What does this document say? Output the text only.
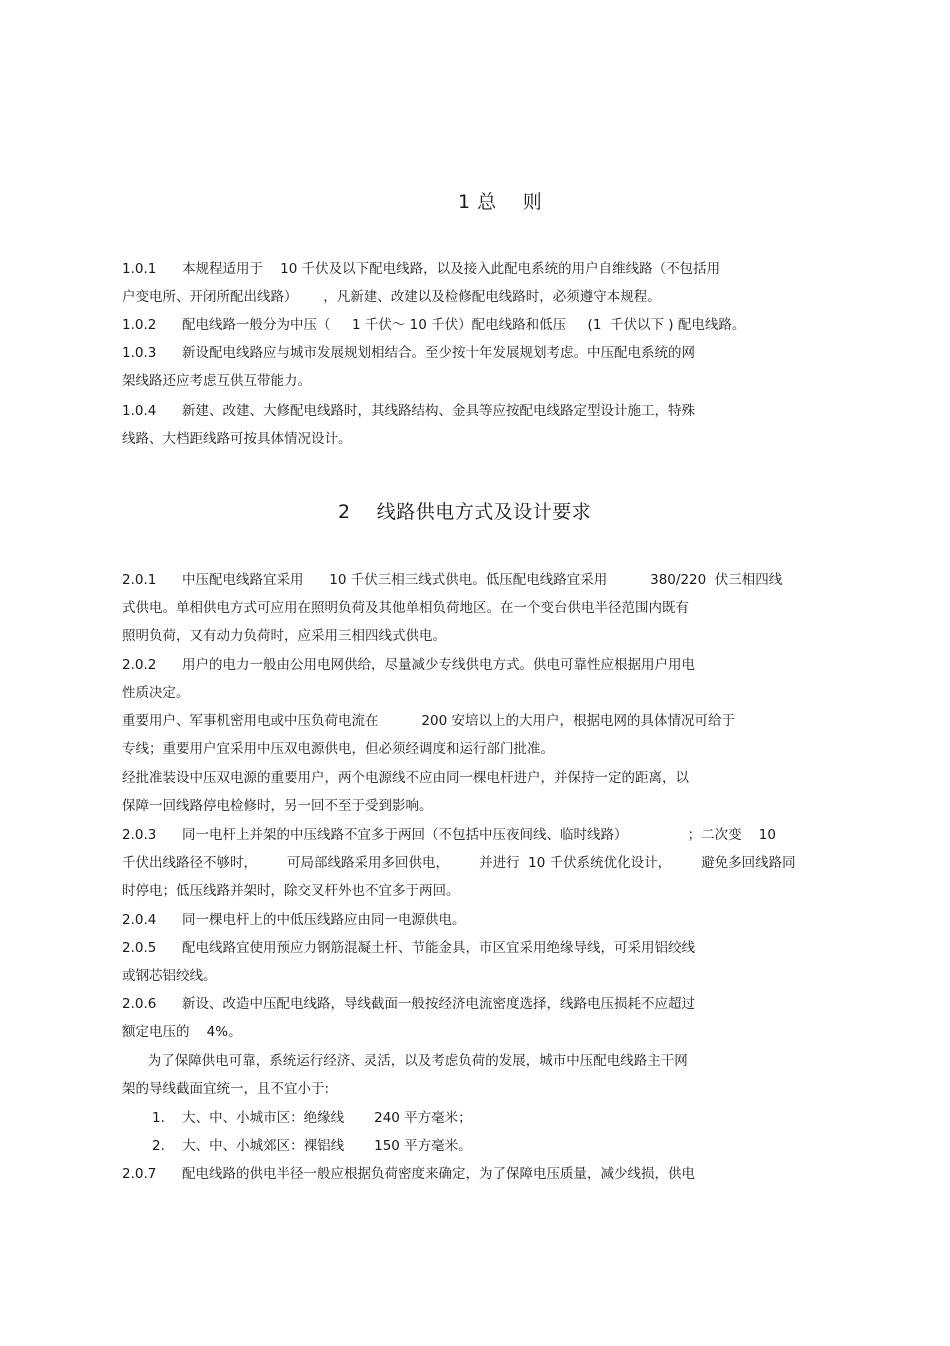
1 总    则
1.0.1 本规程适用于    10 千伏及以下配电线路，以及接入此配电系统的用户自维线路（不包括用
户变电所、开闭所配出线路）      ，凡新建、改建以及检修配电线路时，必须遵守本规程。
1.0.2 配电线路一般分为中压（     1 千伏～ 10 千伏）配电线路和低压     (1  千伏以下 ) 配电线路。
1.0.3 新设配电线路应与城市发展规划相结合。至少按十年发展规划考虑。中压配电系统的网
架线路还应考虑互供互带能力。
1.0.4 新建、改建、大修配电线路时，其线路结构、金具等应按配电线路定型设计施工，特殊
线路、大档距线路可按具体情况设计。
2    线路供电方式及设计要求
2.0.1 中压配电线路宜采用      10 千伏三相三线式供电。低压配电线路宜采用          380/220  伏三相四线
式供电。单相供电方式可应用在照明负荷及其他单相负荷地区。在一个变台供电半径范围内既有
照明负荷，又有动力负荷时，应采用三相四线式供电。
2.0.2 用户的电力一般由公用电网供给，尽量减少专线供电方式。供电可靠性应根据用户用电
性质决定。
重要用户、军事机密用电或中压负荷电流在          200 安培以上的大用户，根据电网的具体情况可给于
专线；重要用户宜采用中压双电源供电，但必须经调度和运行部门批准。
经批准装设中压双电源的重要用户，两个电源线不应由同一棵电杆进户，并保持一定的距离，以
保障一回线路停电检修时，另一回不至于受到影响。
2.0.3 同一电杆上并架的中压线路不宜多于两回（不包括中压夜间线、临时线路）              ；二次变    10
千伏出线路径不够时，       可局部线路采用多回供电，       并进行  10 千伏系统优化设计，       避免多回线路同
时停电；低压线路并架时，除交叉杆外也不宜多于两回。
2.0.4 同一棵电杆上的中低压线路应由同一电源供电。
2.0.5 配电线路宜使用预应力钢筋混凝土杆、节能金具，市区宜采用绝缘导线，可采用铝绞线
或钢芯铝绞线。
2.0.6 新设、改造中压配电线路，导线截面一般按经济电流密度选择，线路电压损耗不应超过
额定电压的    4%。
为了保障供电可靠，系统运行经济、灵活，以及考虑负荷的发展，城市中压配电线路主干网
架的导线截面宜统一，且不宜小于:
1.    大、中、小城市区：绝缘线       240 平方毫米；
2.    大、中、小城郊区：裸铝线       150 平方毫米。
2.0.7 配电线路的供电半径一般应根据负荷密度来确定，为了保障电压质量，减少线损，供电
